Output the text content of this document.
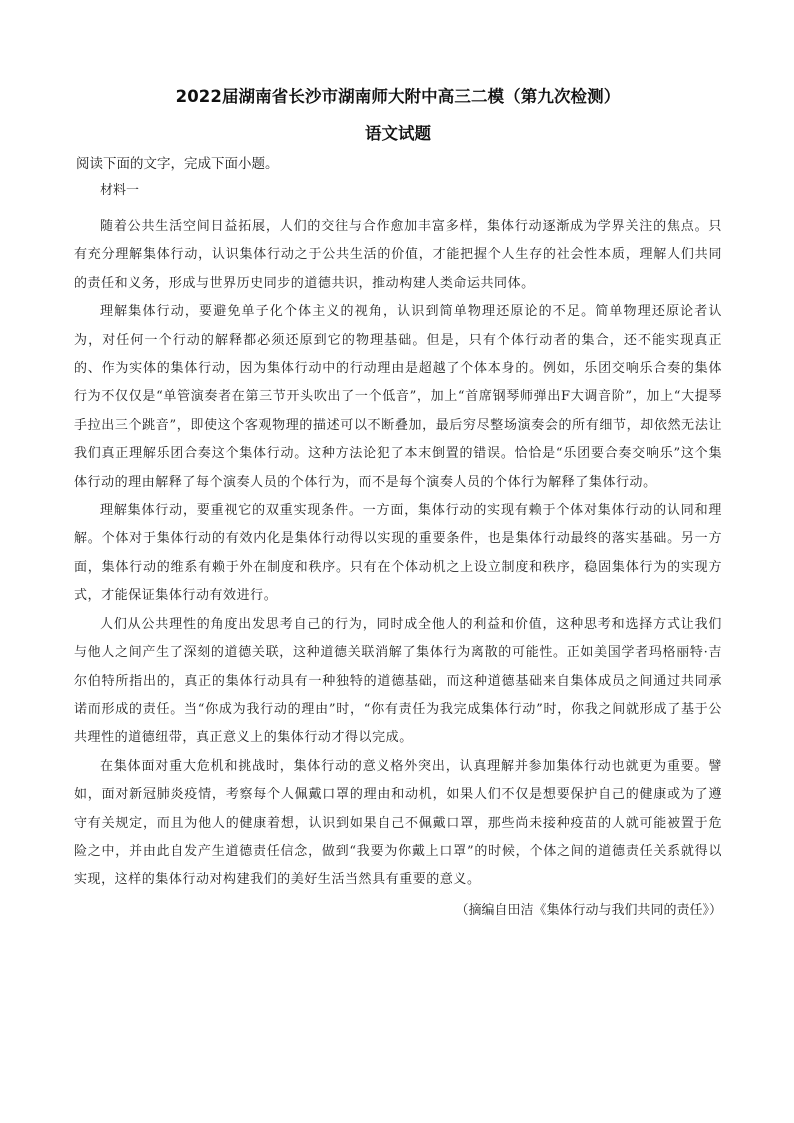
2022届湖南省长沙市湖南师大附中高三二模（第九次检测）
语文试题

阅读下面的文字，完成下面小题。

材料一

随着公共生活空间日益拓展，人们的交往与合作愈加丰富多样，集体行动逐渐成为学界关注的焦点。只有充分理解集体行动，认识集体行动之于公共生活的价值，才能把握个人生存的社会性本质，理解人们共同的责任和义务，形成与世界历史同步的道德共识，推动构建人类命运共同体。

理解集体行动，要避免单子化个体主义的视角，认识到简单物理还原论的不足。简单物理还原论者认为，对任何一个行动的解释都必须还原到它的物理基础。但是，只有个体行动者的集合，还不能实现真正的、作为实体的集体行动，因为集体行动中的行动理由是超越了个体本身的。例如，乐团交响乐合奏的集体行为不仅仅是“单管演奏者在第三节开头吹出了一个低音”，加上“首席钢琴师弹出F大调音阶”，加上“大提琴手拉出三个跳音”，即使这个客观物理的描述可以不断叠加，最后穷尽整场演奏会的所有细节，却依然无法让我们真正理解乐团合奏这个集体行动。这种方法论犯了本末倒置的错误。恰恰是“乐团要合奏交响乐”这个集体行动的理由解释了每个演奏人员的个体行为，而不是每个演奏人员的个体行为解释了集体行动。

理解集体行动，要重视它的双重实现条件。一方面，集体行动的实现有赖于个体对集体行动的认同和理解。个体对于集体行动的有效内化是集体行动得以实现的重要条件，也是集体行动最终的落实基础。另一方面，集体行动的维系有赖于外在制度和秩序。只有在个体动机之上设立制度和秩序，稳固集体行为的实现方式，才能保证集体行动有效进行。

人们从公共理性的角度出发思考自己的行为，同时成全他人的利益和价值，这种思考和选择方式让我们与他人之间产生了深刻的道德关联，这种道德关联消解了集体行为离散的可能性。正如美国学者玛格丽特·吉尔伯特所指出的，真正的集体行动具有一种独特的道德基础，而这种道德基础来自集体成员之间通过共同承诺而形成的责任。当“你成为我行动的理由”时，“你有责任为我完成集体行动”时，你我之间就形成了基于公共理性的道德纽带，真正意义上的集体行动才得以完成。

在集体面对重大危机和挑战时，集体行动的意义格外突出，认真理解并参加集体行动也就更为重要。譬如，面对新冠肺炎疫情，考察每个人佩戴口罩的理由和动机，如果人们不仅是想要保护自己的健康或为了遵守有关规定，而且为他人的健康着想，认识到如果自己不佩戴口罩，那些尚未接种疫苗的人就可能被置于危险之中，并由此自发产生道德责任信念，做到“我要为你戴上口罩”的时候，个体之间的道德责任关系就得以实现，这样的集体行动对构建我们的美好生活当然具有重要的意义。

（摘编自田洁《集体行动与我们共同的责任》）
